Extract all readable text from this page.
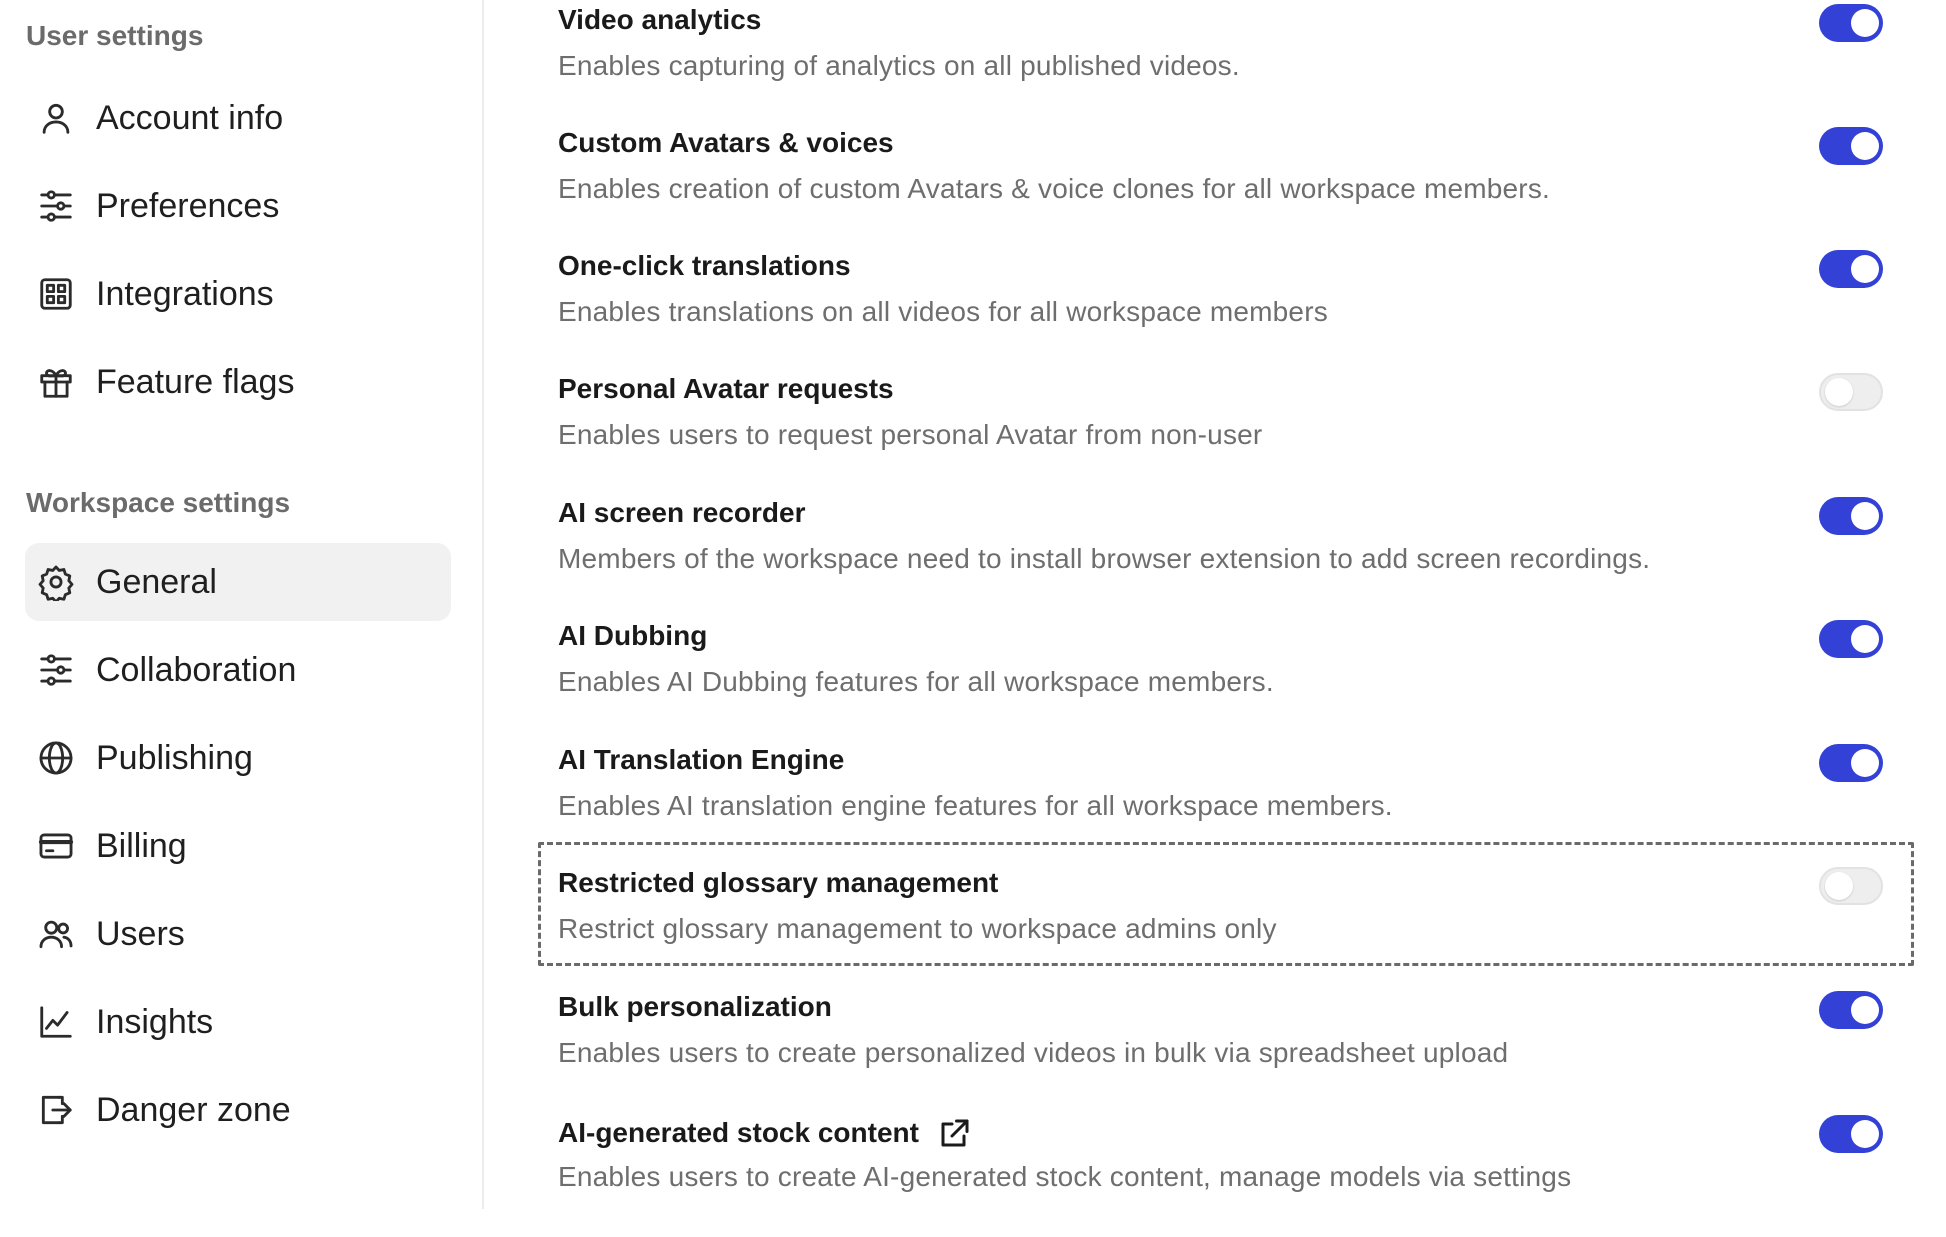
User settings
Account info
Preferences
Integrations
Feature flags
Workspace settings
General
Collaboration
Publishing
Billing
Users
Insights
Danger zone
Video analytics
Enables capturing of analytics on all published videos.
Custom Avatars & voices
Enables creation of custom Avatars & voice clones for all workspace members.
One-click translations
Enables translations on all videos for all workspace members
Personal Avatar requests
Enables users to request personal Avatar from non-user
AI screen recorder
Members of the workspace need to install browser extension to add screen recordings.
AI Dubbing
Enables AI Dubbing features for all workspace members.
AI Translation Engine
Enables AI translation engine features for all workspace members.
Restricted glossary management
Restrict glossary management to workspace admins only
Bulk personalization
Enables users to create personalized videos in bulk via spreadsheet upload
AI-generated stock content
Enables users to create AI-generated stock content, manage models via settings
